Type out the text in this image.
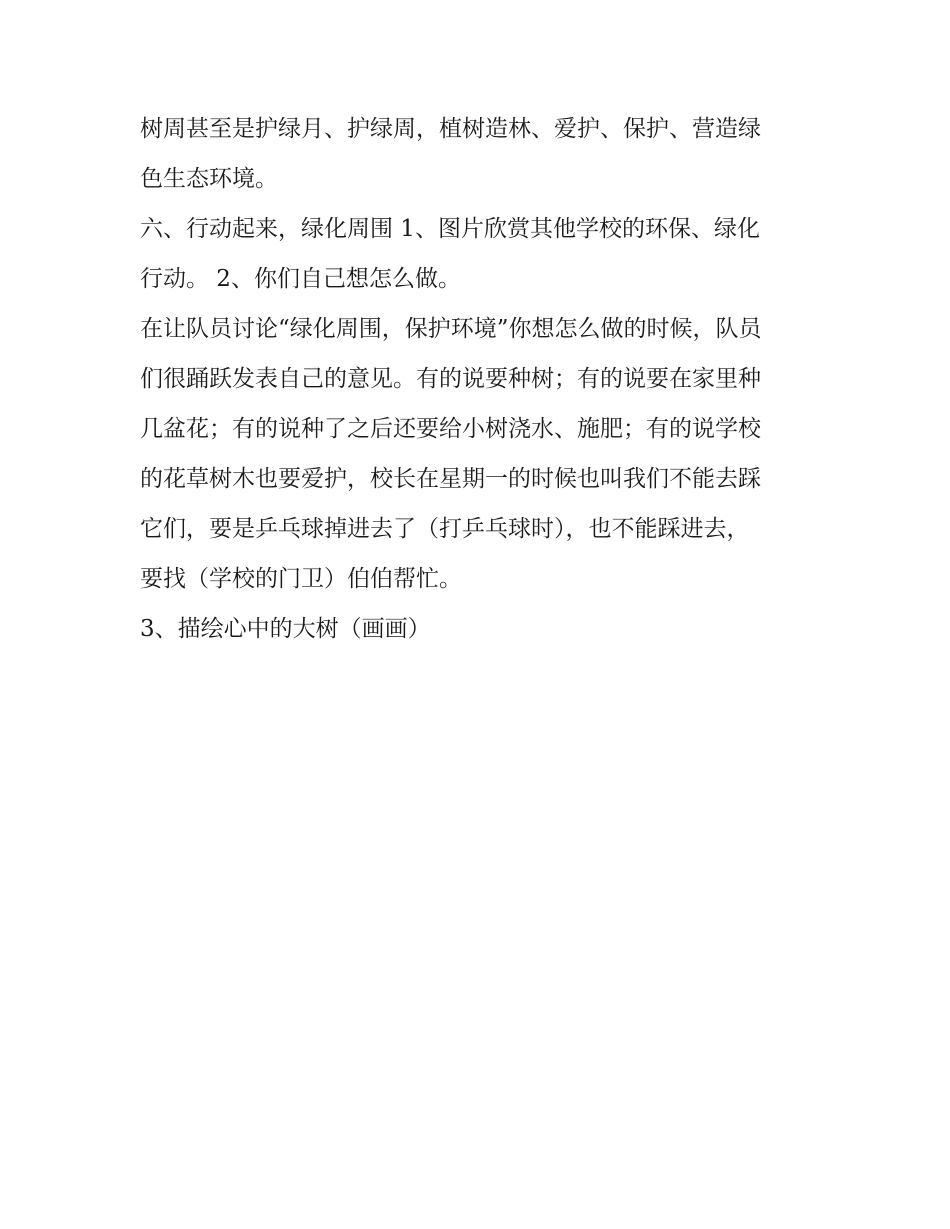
树周甚至是护绿月、护绿周，植树造林、爱护、保护、营造绿
色生态环境。
六、行动起来，绿化周围 1、图片欣赏其他学校的环保、绿化
行动。 2、你们自己想怎么做。
在让队员讨论“绿化周围，保护环境”你想怎么做的时候，队员
们很踊跃发表自己的意见。有的说要种树；有的说要在家里种
几盆花；有的说种了之后还要给小树浇水、施肥；有的说学校
的花草树木也要爱护，校长在星期一的时候也叫我们不能去踩
它们，要是乒乓球掉进去了（打乒乓球时），也不能踩进去，
要找（学校的门卫）伯伯帮忙。
3、描绘心中的大树（画画）
